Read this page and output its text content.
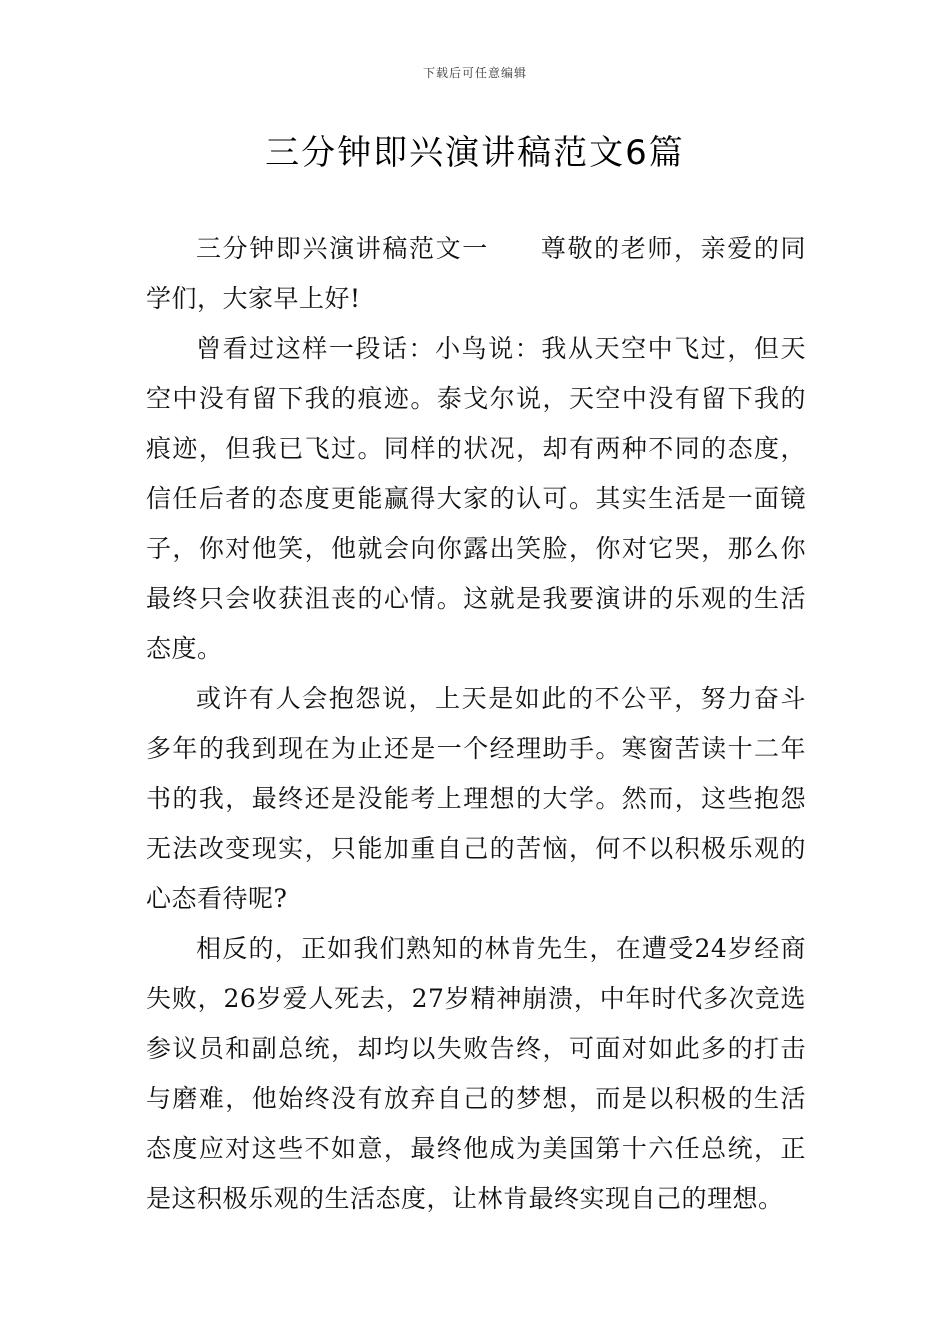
下载后可任意编辑
三分钟即兴演讲稿范文6篇

三分钟即兴演讲稿范文一 尊敬的老师，亲爱的同学们，大家早上好!

曾看过这样一段话：小鸟说：我从天空中飞过，但天空中没有留下我的痕迹。泰戈尔说，天空中没有留下我的痕迹，但我已飞过。同样的状况，却有两种不同的态度，信任后者的态度更能赢得大家的认可。其实生活是一面镜子，你对他笑，他就会向你露出笑脸，你对它哭，那么你最终只会收获沮丧的心情。这就是我要演讲的乐观的生活态度。

或许有人会抱怨说，上天是如此的不公平，努力奋斗多年的我到现在为止还是一个经理助手。寒窗苦读十二年书的我，最终还是没能考上理想的大学。然而，这些抱怨无法改变现实，只能加重自己的苦恼，何不以积极乐观的心态看待呢?

相反的，正如我们熟知的林肯先生，在遭受24岁经商失败，26岁爱人死去，27岁精神崩溃，中年时代多次竞选参议员和副总统，却均以失败告终，可面对如此多的打击与磨难，他始终没有放弃自己的梦想，而是以积极的生活态度应对这些不如意，最终他成为美国第十六任总统，正是这积极乐观的生活态度，让林肯最终实现自己的理想。
